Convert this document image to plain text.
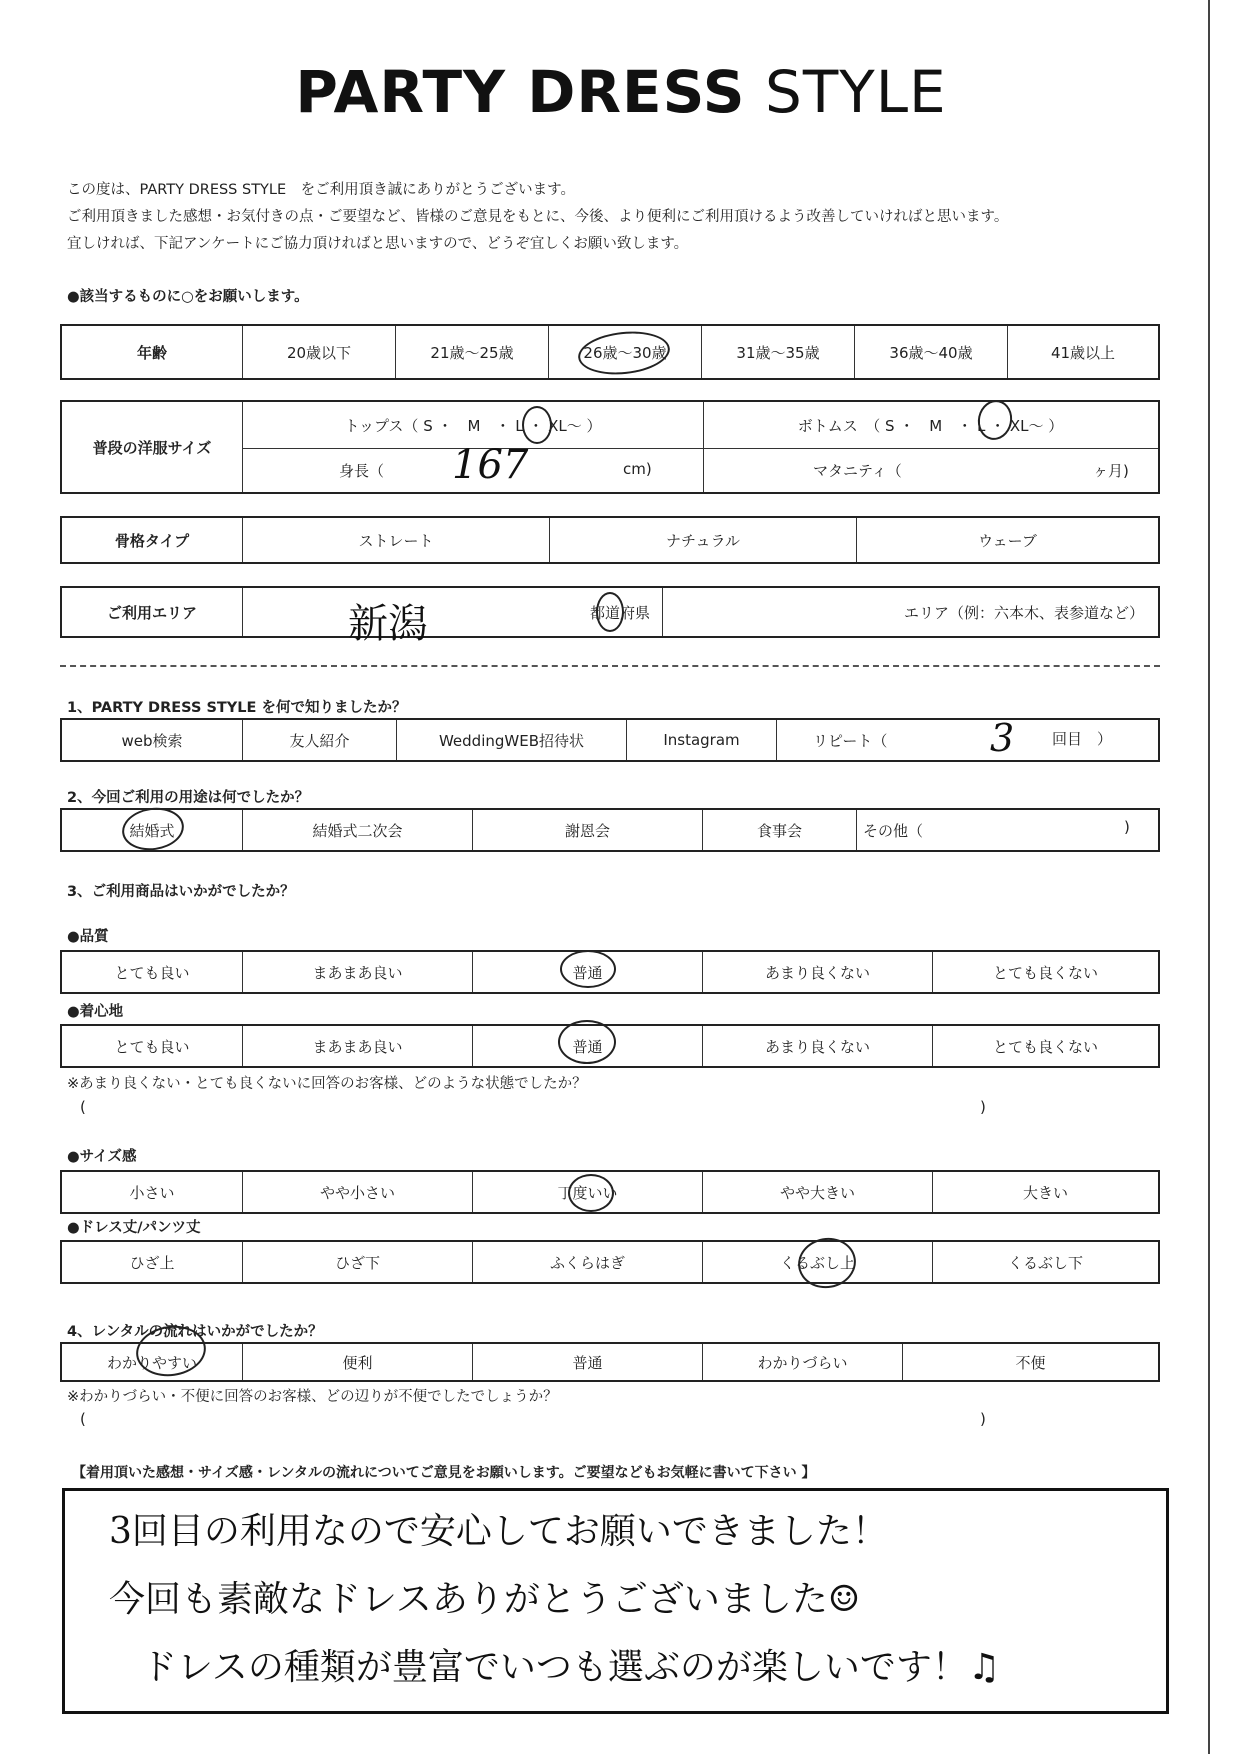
PARTY DRESS STYLE
この度は、PARTY DRESS STYLE　をご利用頂き誠にありがとうございます。
ご利用頂きました感想・お気付きの点・ご要望など、皆様のご意見をもとに、今後、より便利にご利用頂けるよう改善していければと思います。
宜しければ、下記アンケートにご協力頂ければと思いますので、どうぞ宜しくお願い致します。
●該当するものに○をお願いします。
年齢	20歳以下	21歳～25歳	26歳～30歳	31歳～35歳	36歳～40歳	41歳以上
普段の洋服サイズ
トップス（ S ・　M　・ L ・ XL～ ）	ボトムス　（ S ・　M　・ L ・ XL～ ）
身長（	cm)	マタニティ（	ヶ月)
167
骨格タイプ	ストレート	ナチュラル	ウェーブ
ご利用エリア	都道府県	エリア（例：六本木、表参道など）
新潟
1、PARTY DRESS STYLE を何で知りましたか？
web検索	友人紹介	WeddingWEB招待状	Instagram	リピート（	回目　）
3
2、今回ご利用の用途は何でしたか？
結婚式	結婚式二次会	謝恩会	食事会	その他（	)
3、ご利用商品はいかがでしたか？
●品質
とても良い	まあまあ良い	普通	あまり良くない	とても良くない
●着心地
とても良い	まあまあ良い	普通	あまり良くない	とても良くない
※あまり良くない・とても良くないに回答のお客様、どのような状態でしたか？
(	)
●サイズ感
小さい	やや小さい	丁度いい	やや大きい	大きい
●ドレス丈/パンツ丈
ひざ上	ひざ下	ふくらはぎ	くるぶし上	くるぶし下
4、レンタルの流れはいかがでしたか？
わかりやすい	便利	普通	わかりづらい	不便
※わかりづらい・不便に回答のお客様、どの辺りが不便でしたでしょうか？
(	)
【着用頂いた感想・サイズ感・レンタルの流れについてご意見をお願いします。ご要望などもお気軽に書いて下さい 】
3回目の利用なので安心してお願いできました！
今回も素敵なドレスありがとうございました☺
ドレスの種類が豊富でいつも選ぶのが楽しいです！♫
